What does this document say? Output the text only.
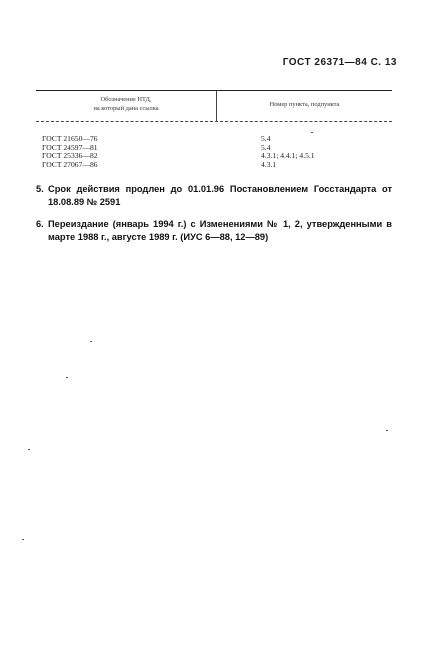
ГОСТ 26371—84 С. 13
Обозначение НТД,
на который дана ссылка	Номер пункта, подпункта
ГОСТ 21650—76
ГОСТ 24597—81
ГОСТ 25336—82
ГОСТ 27067—86
5.4
5.4
4.3.1; 4.4.1; 4.5.1
4.3.1
5. Срок действия продлен до 01.01.96 Постановлением Госстандарта от 18.08.89 № 2591
6. Переиздание (январь 1994 г.) с Изменениями № 1, 2, утвержденными в марте 1988 г., августе 1989 г. (ИУС 6—88, 12—89)
